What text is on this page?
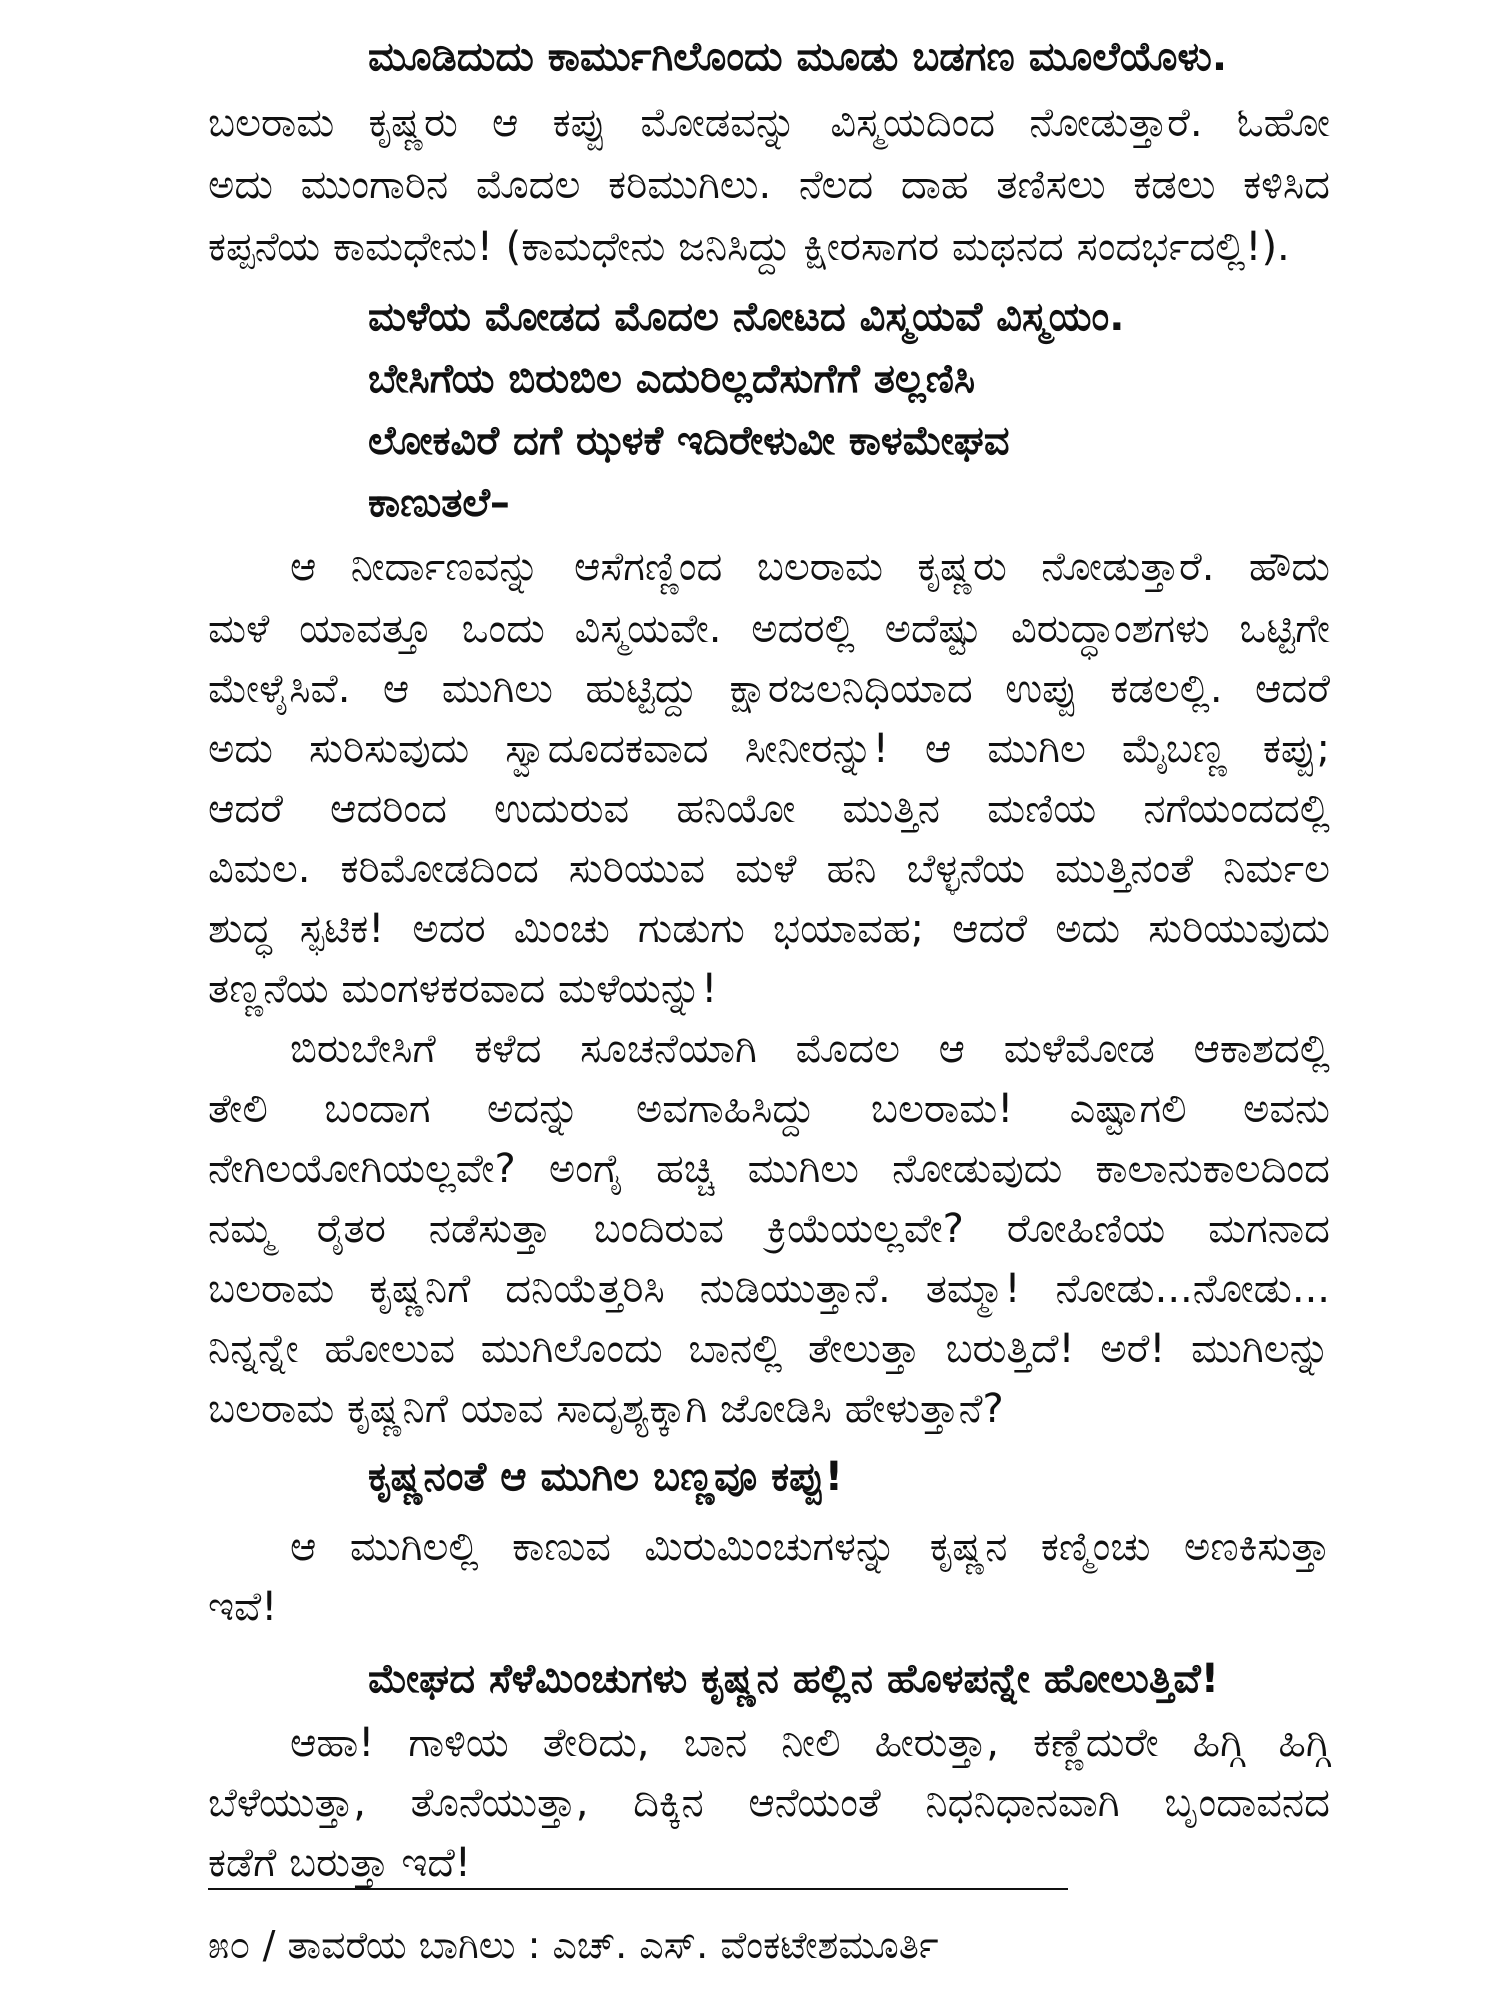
ಮೂಡಿದುದು ಕಾರ್ಮುಗಿಲೊಂದು ಮೂಡು ಬಡಗಣ ಮೂಲೆಯೊಳು.

ಬಲರಾಮ ಕೃಷ್ಣರು ಆ ಕಪ್ಪು ಮೋಡವನ್ನು ವಿಸ್ಮಯದಿಂದ ನೋಡುತ್ತಾರೆ. ಓಹೋ

ಅದು ಮುಂಗಾರಿನ ಮೊದಲ ಕರಿಮುಗಿಲು. ನೆಲದ ದಾಹ ತಣಿಸಲು ಕಡಲು ಕಳಿಸಿದ

ಕಪ್ಪನೆಯ ಕಾಮಧೇನು! (ಕಾಮಧೇನು ಜನಿಸಿದ್ದು ಕ್ಷೀರಸಾಗರ ಮಥನದ ಸಂದರ್ಭದಲ್ಲಿ!).

ಮಳೆಯ ಮೋಡದ ಮೊದಲ ನೋಟದ ವಿಸ್ಮಯವೆ ವಿಸ್ಮಯಂ.

ಬೇಸಿಗೆಯ ಬಿರುಬಿಲ ಎದುರಿಲ್ಲದೆಸುಗೆಗೆ ತಲ್ಲಣಿಸಿ

ಲೋಕವಿರೆ ದಗೆ ಝಳಕೆ ಇದಿರೇಳುವೀ ಕಾಳಮೇಘವ

ಕಾಣುತಲೆ–

ಆ ನೀರ್ದಾಣವನ್ನು ಆಸೆಗಣ್ಣಿಂದ ಬಲರಾಮ ಕೃಷ್ಣರು ನೋಡುತ್ತಾರೆ. ಹೌದು

ಮಳೆ ಯಾವತ್ತೂ ಒಂದು ವಿಸ್ಮಯವೇ. ಅದರಲ್ಲಿ ಅದೆಷ್ಟು ವಿರುದ್ಧಾಂಶಗಳು ಒಟ್ಟಿಗೇ

ಮೇಳೈಸಿವೆ. ಆ ಮುಗಿಲು ಹುಟ್ಟಿದ್ದು ಕ್ಷಾರಜಲನಿಧಿಯಾದ ಉಪ್ಪು ಕಡಲಲ್ಲಿ. ಆದರೆ

ಅದು ಸುರಿಸುವುದು ಸ್ವಾದೂದಕವಾದ ಸೀನೀರನ್ನು! ಆ ಮುಗಿಲ ಮೈಬಣ್ಣ ಕಪ್ಪು;

ಆದರೆ ಆದರಿಂದ ಉದುರುವ ಹನಿಯೋ ಮುತ್ತಿನ ಮಣಿಯ ನಗೆಯಂದದಲ್ಲಿ

ವಿಮಲ. ಕರಿಮೋಡದಿಂದ ಸುರಿಯುವ ಮಳೆ ಹನಿ ಬೆಳ್ಳನೆಯ ಮುತ್ತಿನಂತೆ ನಿರ್ಮಲ

ಶುದ್ಧ ಸ್ಫಟಿಕ! ಅದರ ಮಿಂಚು ಗುಡುಗು ಭಯಾವಹ; ಆದರೆ ಅದು ಸುರಿಯುವುದು

ತಣ್ಣನೆಯ ಮಂಗಳಕರವಾದ ಮಳೆಯನ್ನು!

ಬಿರುಬೇಸಿಗೆ ಕಳೆದ ಸೂಚನೆಯಾಗಿ ಮೊದಲ ಆ ಮಳೆಮೋಡ ಆಕಾಶದಲ್ಲಿ

ತೇಲಿ ಬಂದಾಗ ಅದನ್ನು ಅವಗಾಹಿಸಿದ್ದು ಬಲರಾಮ! ಎಷ್ಟಾಗಲಿ ಅವನು

ನೇಗಿಲಯೋಗಿಯಲ್ಲವೇ? ಅಂಗೈ ಹಚ್ಚಿ ಮುಗಿಲು ನೋಡುವುದು ಕಾಲಾನುಕಾಲದಿಂದ

ನಮ್ಮ ರೈತರ ನಡೆಸುತ್ತಾ ಬಂದಿರುವ ಕ್ರಿಯೆಯಲ್ಲವೇ? ರೋಹಿಣಿಯ ಮಗನಾದ

ಬಲರಾಮ ಕೃಷ್ಣನಿಗೆ ದನಿಯೆತ್ತರಿಸಿ ನುಡಿಯುತ್ತಾನೆ. ತಮ್ಮಾ! ನೋಡು...ನೋಡು...

ನಿನ್ನನ್ನೇ ಹೋಲುವ ಮುಗಿಲೊಂದು ಬಾನಲ್ಲಿ ತೇಲುತ್ತಾ ಬರುತ್ತಿದೆ! ಅರೆ! ಮುಗಿಲನ್ನು

ಬಲರಾಮ ಕೃಷ್ಣನಿಗೆ ಯಾವ ಸಾದೃಶ್ಯಕ್ಕಾಗಿ ಜೋಡಿಸಿ ಹೇಳುತ್ತಾನೆ?

ಕೃಷ್ಣನಂತೆ ಆ ಮುಗಿಲ ಬಣ್ಣವೂ ಕಪ್ಪು!

ಆ ಮುಗಿಲಲ್ಲಿ ಕಾಣುವ ಮಿರುಮಿಂಚುಗಳನ್ನು ಕೃಷ್ಣನ ಕಣ್ಮಿಂಚು ಅಣಕಿಸುತ್ತಾ

ಇವೆ!

ಮೇಘದ ಸೆಳೆಮಿಂಚುಗಳು ಕೃಷ್ಣನ ಹಲ್ಲಿನ ಹೊಳಪನ್ನೇ ಹೋಲುತ್ತಿವೆ!

ಆಹಾ! ಗಾಳಿಯ ತೇರಿದು, ಬಾನ ನೀಲಿ ಹೀರುತ್ತಾ, ಕಣ್ಣೆದುರೇ ಹಿಗ್ಗಿ ಹಿಗ್ಗಿ

ಬೆಳೆಯುತ್ತಾ, ತೊನೆಯುತ್ತಾ, ದಿಕ್ಕಿನ ಆನೆಯಂತೆ ನಿಧನಿಧಾನವಾಗಿ ಬೃಂದಾವನದ

ಕಡೆಗೆ ಬರುತ್ತಾ ಇದೆ!

೫೦ / ತಾವರೆಯ ಬಾಗಿಲು : ಎಚ್. ಎಸ್. ವೆಂಕಟೇಶಮೂರ್ತಿ
